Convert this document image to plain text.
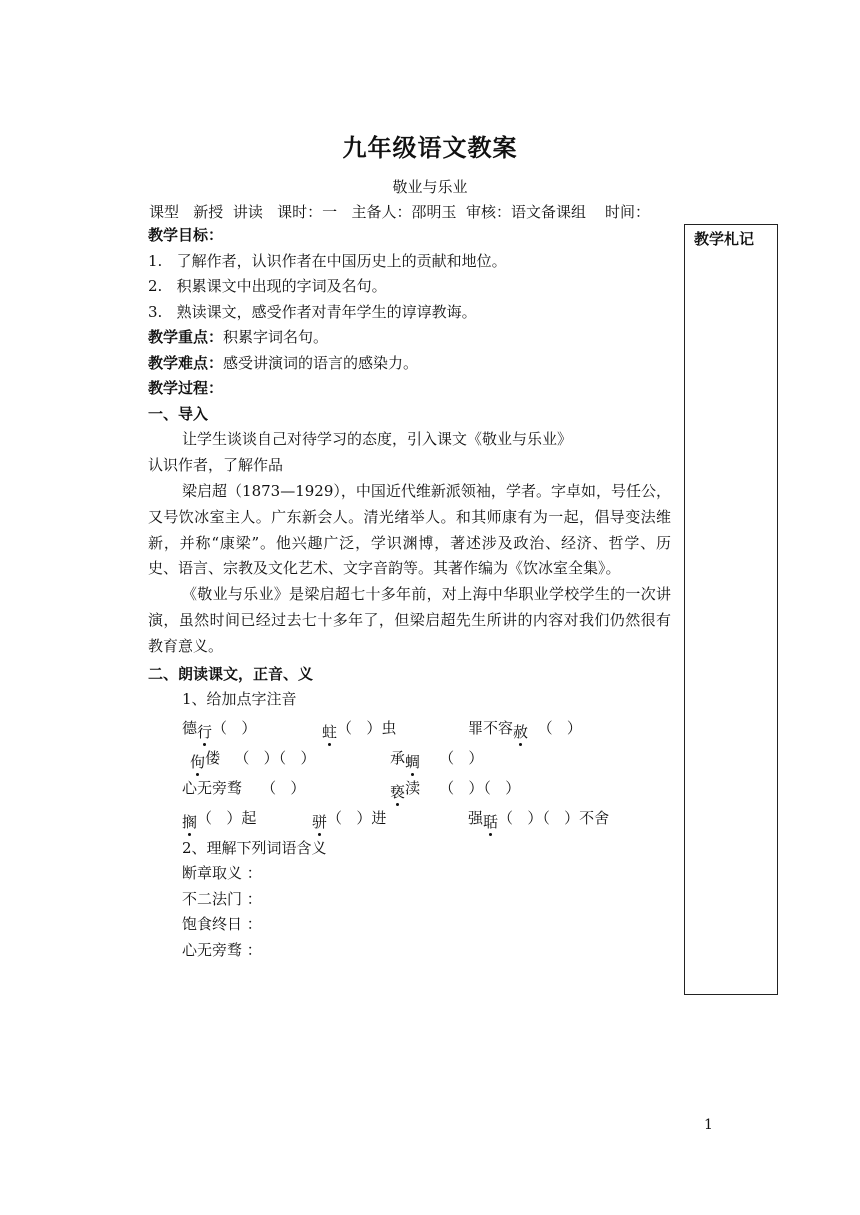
九年级语文教案
敬业与乐业
课型   新授  讲读   课时：一   主备人：邵明玉  审核：语文备课组    时间：
教学札记
教学目标：
1.   了解作者，认识作者在中国历史上的贡献和地位。
2.   积累课文中出现的字词及名句。
3.   熟读课文，感受作者对青年学生的谆谆教诲。
教学重点：积累字词名句。
教学难点：感受讲演词的语言的感染力。
教学过程：
一、导入
让学生谈谈自己对待学习的态度，引入课文《敬业与乐业》
认识作者，了解作品

梁启超（1873—1929），中国近代维新派领袖，学者。字卓如，号任公，又号饮冰室主人。广东新会人。清光绪举人。和其师康有为一起，倡导变法维新，并称“康梁”。他兴趣广泛，学识渊博，著述涉及政治、经济、哲学、历史、语言、宗教及文化艺术、文字音韵等。其著作编为《饮冰室全集》。

《敬业与乐业》是梁启超七十多年前，对上海中华职业学校学生的一次讲演，虽然时间已经过去七十多年了，但梁启超先生所讲的内容对我们仍然很有教育意义。

二、朗读课文，正音、义
1、给加点字注音
德行（   ）	蛀（   ）虫	罪不容赦  （   ）
佝偻   （   ）（   ）	承蜩    （   ）
心无旁骛 （   ）	亵渎    （   ）（   ）
搁（   ）起	骈（   ）进	强聒（   ）（   ）不舍
2、理解下列词语含义
断章取义 ：
不二法门 ：
饱食终日 ：
心无旁骛 ：
1
